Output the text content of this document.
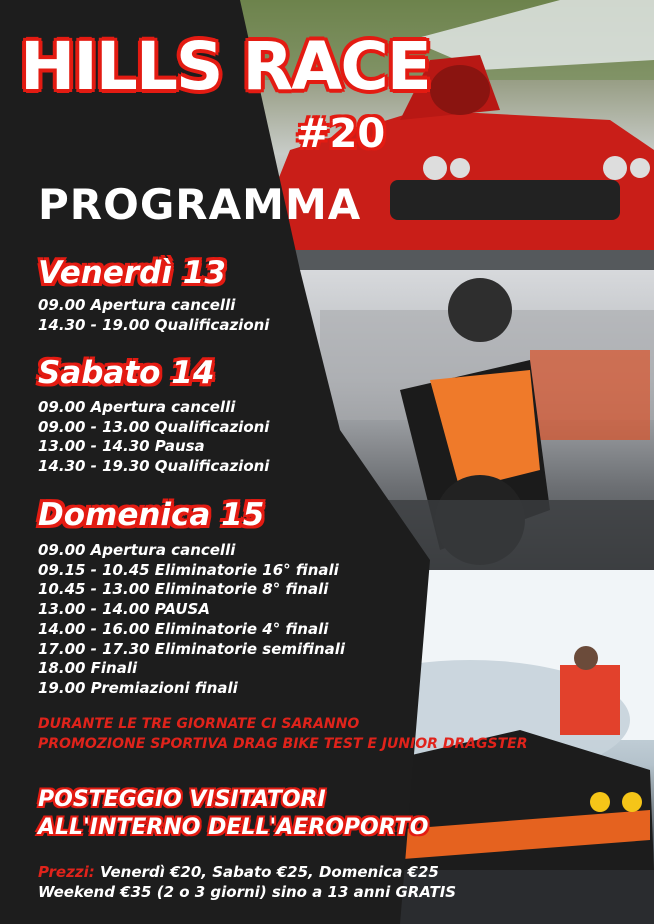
HILLS RACE
#20
PROGRAMMA
Venerdì 13
09.00 Apertura cancelli
14.30 - 19.00 Qualificazioni
Sabato 14
09.00 Apertura cancelli
09.00 - 13.00 Qualificazioni
13.00 - 14.30 Pausa
14.30 - 19.30 Qualificazioni
Domenica 15
09.00 Apertura cancelli
09.15 - 10.45 Eliminatorie 16° finali
10.45 - 13.00 Eliminatorie 8° finali
13.00 - 14.00 PAUSA
14.00 - 16.00 Eliminatorie 4° finali
17.00 - 17.30 Eliminatorie semifinali
18.00 Finali
19.00 Premiazioni finali
DURANTE LE TRE GIORNATE CI SARANNO
PROMOZIONE SPORTIVA DRAG BIKE TEST E JUNIOR DRAGSTER
POSTEGGIO VISITATORI
ALL'INTERNO DELL'AEROPORTO
Prezzi: Venerdì €20, Sabato €25, Domenica €25
Weekend €35 (2 o 3 giorni) sino a 13 anni GRATIS
